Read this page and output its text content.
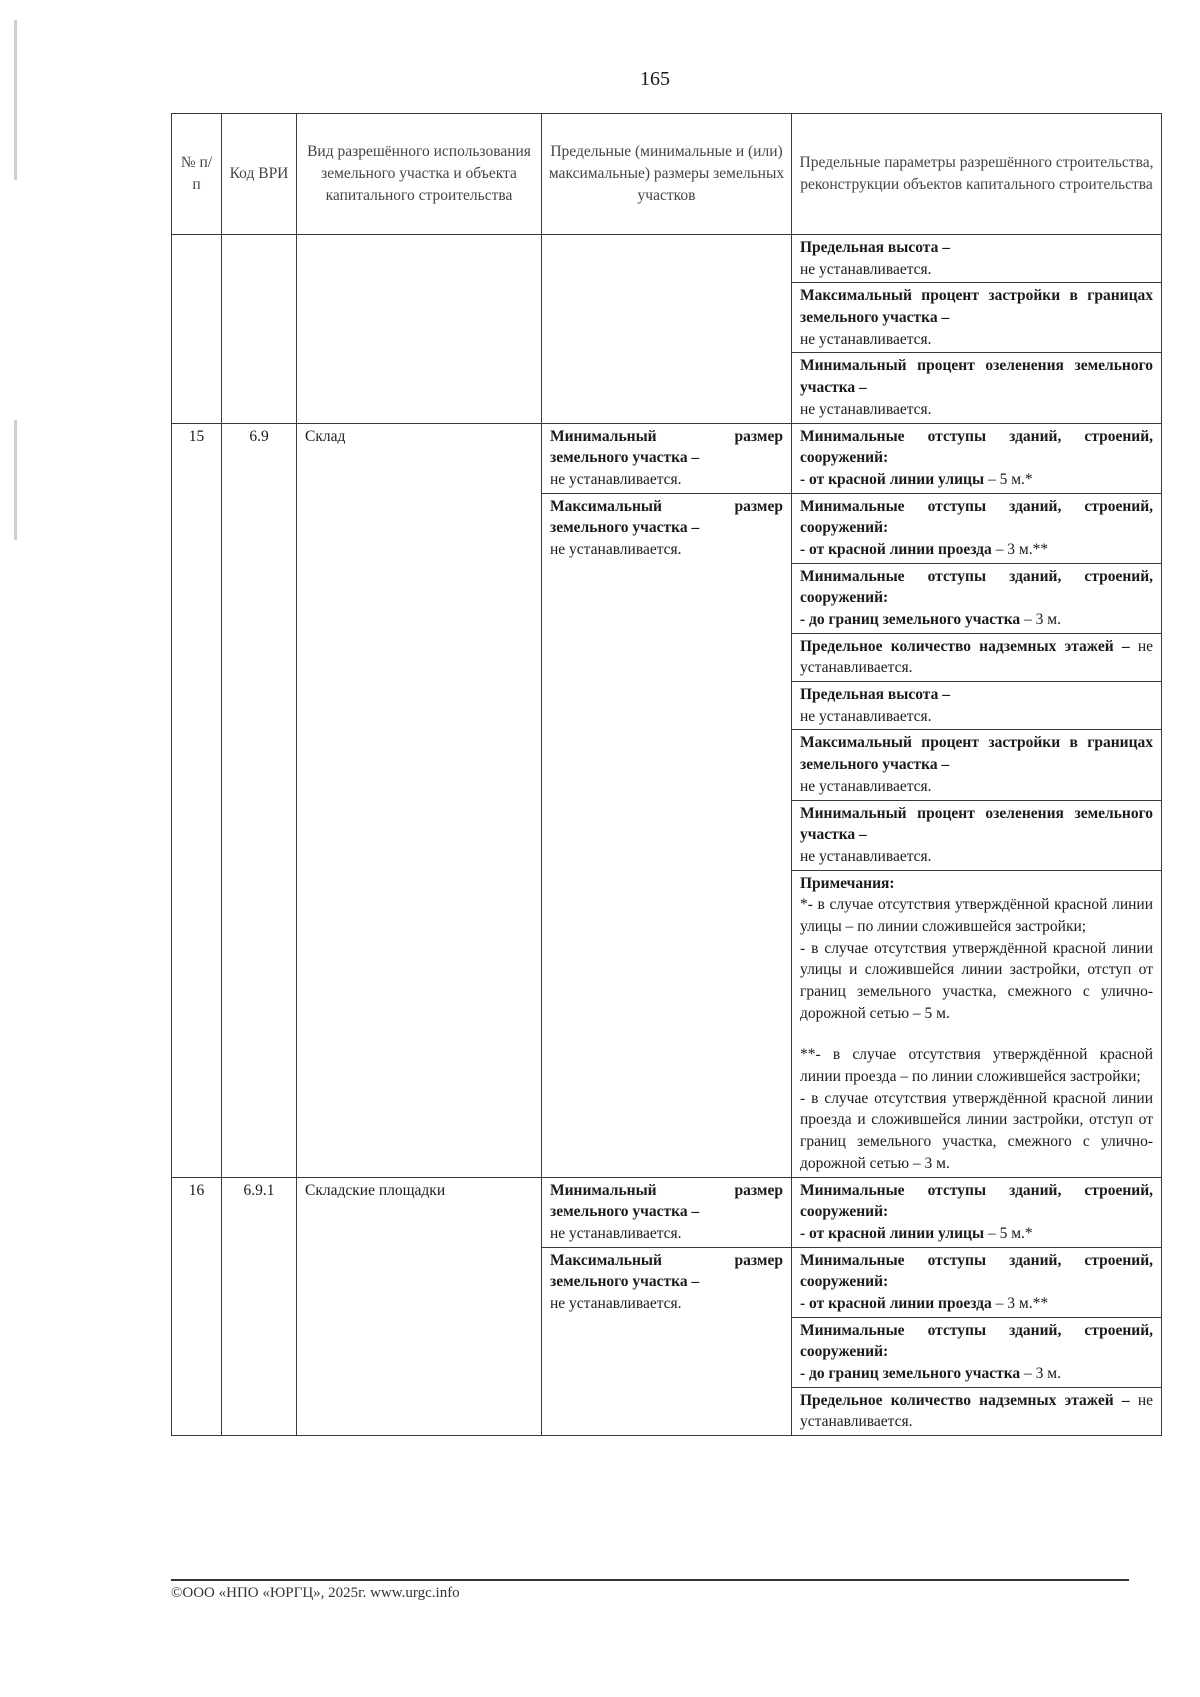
165
№ п/п	Код ВРИ	Вид разрешённого использования земельного участка и объекта капитального строительства	Предельные (минимальные и (или) максимальные) размеры земельных участков	Предельные параметры разрешённого строительства, реконструкции объектов капитального строительства
				Предельная высота –
не устанавливается.
				Максимальный процент застройки в границах земельного участка –
не устанавливается.
				Минимальный процент озеленения земельного участка –
не устанавливается.
15	6.9	Склад	Минимальный размер земельного участка –
не устанавливается.	Минимальные отступы зданий, строений, сооружений:
- от красной линии улицы – 5 м.*
			Максимальный размер земельного участка –
не устанавливается.	Минимальные отступы зданий, строений, сооружений:
- от красной линии проезда – 3 м.**
				Минимальные отступы зданий, строений, сооружений:
- до границ земельного участка – 3 м.
				Предельное количество надземных этажей – не устанавливается.
				Предельная высота –
не устанавливается.
				Максимальный процент застройки в границах земельного участка –
не устанавливается.
				Минимальный процент озеленения земельного участка –
не устанавливается.

				Примечания:
*- в случае отсутствия утверждённой красной линии улицы – по линии сложившейся застройки;
- в случае отсутствия утверждённой красной линии улицы и сложившейся линии застройки, отступ от границ земельного участка, смежного с улично-дорожной сетью – 5 м.
**- в случае отсутствия утверждённой красной линии проезда – по линии сложившейся застройки;
- в случае отсутствия утверждённой красной линии проезда и сложившейся линии застройки, отступ от границ земельного участка, смежного с улично-дорожной сетью – 3 м.

16	6.9.1	Складские площадки	Минимальный размер земельного участка –
не устанавливается.	Минимальные отступы зданий, строений, сооружений:
- от красной линии улицы – 5 м.*
			Максимальный размер земельного участка –
не устанавливается.	Минимальные отступы зданий, строений, сооружений:
- от красной линии проезда – 3 м.**
				Минимальные отступы зданий, строений, сооружений:
- до границ земельного участка – 3 м.
				Предельное количество надземных этажей – не устанавливается.
©ООО «НПО «ЮРГЦ», 2025г. www.urgc.info
